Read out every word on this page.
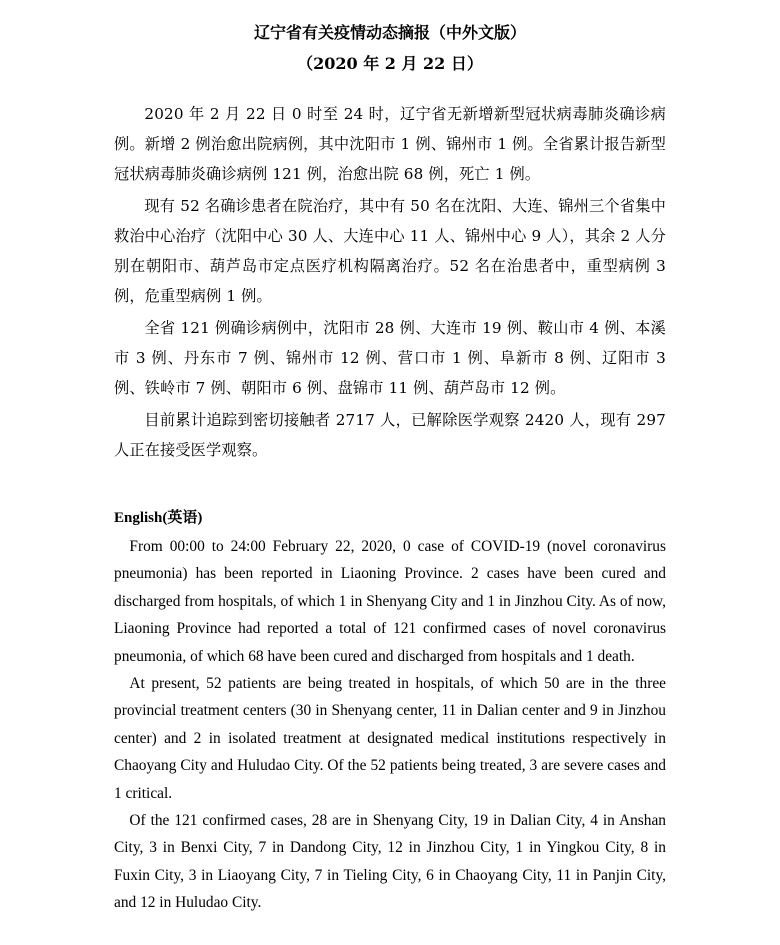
辽宁省有关疫情动态摘报（中外文版）
（2020 年 2 月 22 日）

2020 年 2 月 22 日 0 时至 24 时，辽宁省无新增新型冠状病毒肺炎确诊病例。新增 2 例治愈出院病例，其中沈阳市 1 例、锦州市 1 例。全省累计报告新型冠状病毒肺炎确诊病例 121 例，治愈出院 68 例，死亡 1 例。

现有 52 名确诊患者在院治疗，其中有 50 名在沈阳、大连、锦州三个省集中救治中心治疗（沈阳中心 30 人、大连中心 11 人、锦州中心 9 人），其余 2 人分别在朝阳市、葫芦岛市定点医疗机构隔离治疗。52 名在治患者中，重型病例 3 例，危重型病例 1 例。

全省 121 例确诊病例中，沈阳市 28 例、大连市 19 例、鞍山市 4 例、本溪市 3 例、丹东市 7 例、锦州市 12 例、营口市 1 例、阜新市 8 例、辽阳市 3 例、铁岭市 7 例、朝阳市 6 例、盘锦市 11 例、葫芦岛市 12 例。

目前累计追踪到密切接触者 2717 人，已解除医学观察 2420 人，现有 297 人正在接受医学观察。

English(英语)

From 00:00 to 24:00 February 22, 2020, 0 case of COVID-19 (novel coronavirus pneumonia) has been reported in Liaoning Province. 2 cases have been cured and discharged from hospitals, of which 1 in Shenyang City and 1 in Jinzhou City. As of now, Liaoning Province had reported a total of 121 confirmed cases of novel coronavirus pneumonia, of which 68 have been cured and discharged from hospitals and 1 death.

At present, 52 patients are being treated in hospitals, of which 50 are in the three provincial treatment centers (30 in Shenyang center, 11 in Dalian center and 9 in Jinzhou center) and 2 in isolated treatment at designated medical institutions respectively in Chaoyang City and Huludao City. Of the 52 patients being treated, 3 are severe cases and 1 critical.

Of the 121 confirmed cases, 28 are in Shenyang City, 19 in Dalian City, 4 in Anshan City, 3 in Benxi City, 7 in Dandong City, 12 in Jinzhou City, 1 in Yingkou City, 8 in Fuxin City, 3 in Liaoyang City, 7 in Tieling City, 6 in Chaoyang City, 11 in Panjin City, and 12 in Huludao City.
